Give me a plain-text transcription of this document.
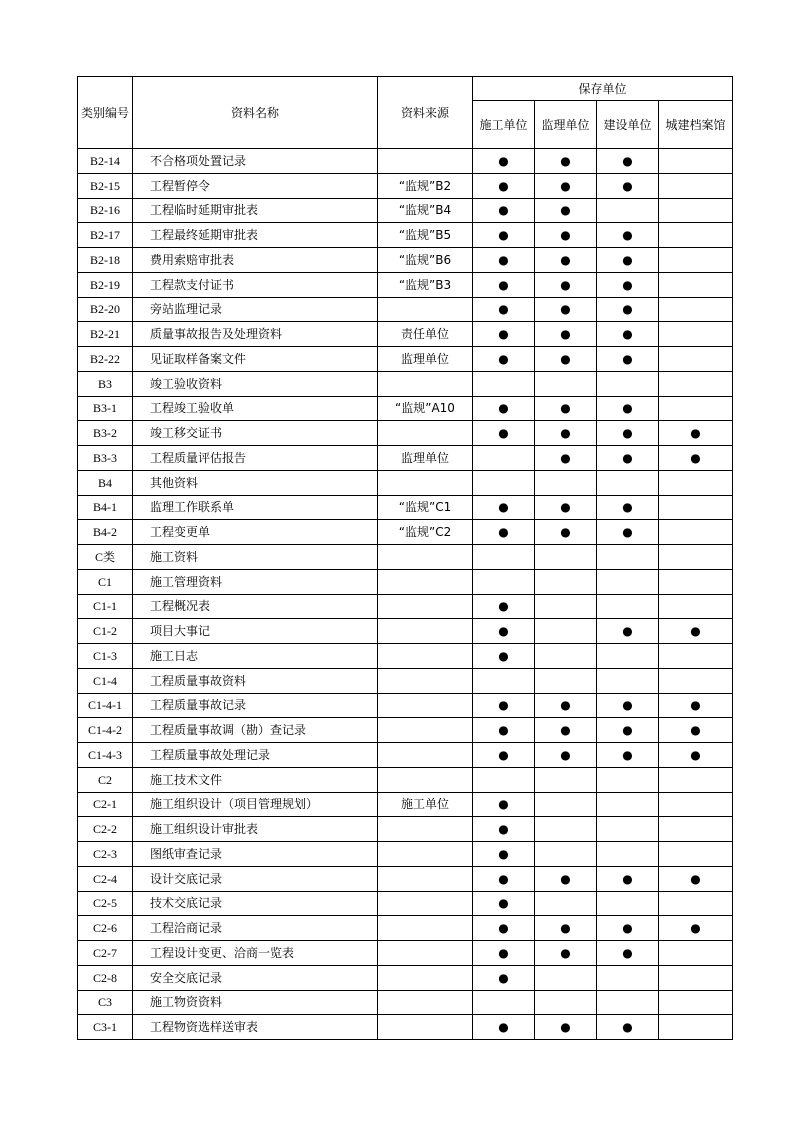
类别编号	资料名称	资料来源	保存单位			
			施工单位	监理单位	建设单位	城建档案馆
B2-14	不合格项处置记录		●	●	●	
B2-15	工程暂停令	“监规”B2	●	●	●	
B2-16	工程临时延期审批表	“监规”B4	●	●		
B2-17	工程最终延期审批表	“监规”B5	●	●	●	
B2-18	费用索赔审批表	“监规”B6	●	●	●	
B2-19	工程款支付证书	“监规”B3	●	●	●	
B2-20	旁站监理记录		●	●	●	
B2-21	质量事故报告及处理资料	责任单位	●	●	●	
B2-22	见证取样备案文件	监理单位	●	●	●	
B3	竣工验收资料					
B3-1	工程竣工验收单	“监规”A10	●	●	●	
B3-2	竣工移交证书		●	●	●	●
B3-3	工程质量评估报告	监理单位		●	●	●
B4	其他资料					
B4-1	监理工作联系单	“监规”C1	●	●	●	
B4-2	工程变更单	“监规”C2	●	●	●	
C类	施工资料					
C1	施工管理资料					
C1-1	工程概况表		●			
C1-2	项目大事记		●		●	●
C1-3	施工日志		●			
C1-4	工程质量事故资料					
C1-4-1	工程质量事故记录		●	●	●	●
C1-4-2	工程质量事故调（勘）查记录		●	●	●	●
C1-4-3	工程质量事故处理记录		●	●	●	●
C2	施工技术文件					
C2-1	施工组织设计（项目管理规划）	施工单位	●			
C2-2	施工组织设计审批表		●			
C2-3	图纸审查记录		●			
C2-4	设计交底记录		●	●	●	●
C2-5	技术交底记录		●			
C2-6	工程洽商记录		●	●	●	●
C2-7	工程设计变更、洽商一览表		●	●	●	
C2-8	安全交底记录		●			
C3	施工物资资料					
C3-1	工程物资选样送审表		●	●	●	
